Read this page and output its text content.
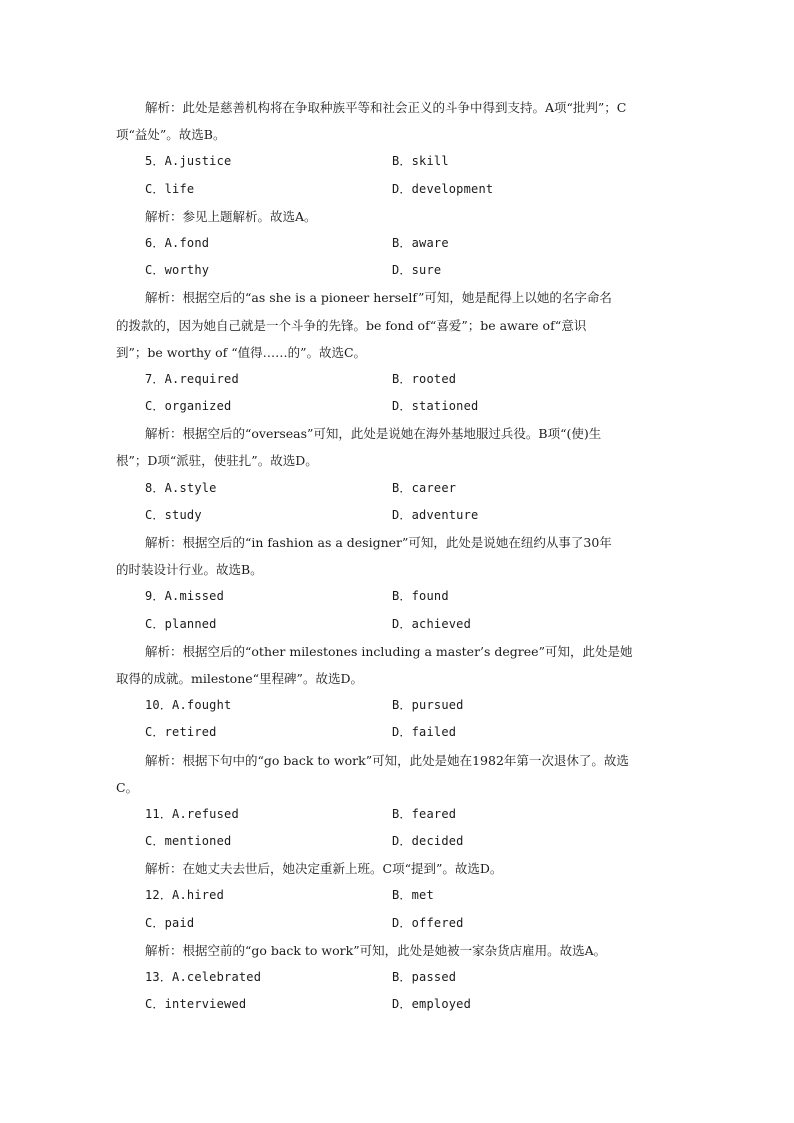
解析：此处是慈善机构将在争取种族平等和社会正义的斗争中得到支持。A项“批判”；C
项“益处”。故选B。
5．A.justice	B．skill
C．life	D．development
解析：参见上题解析。故选A。
6．A.fond	B．aware
C．worthy	D．sure
解析：根据空后的“as she is a pioneer herself”可知，她是配得上以她的名字命名
的拨款的，因为她自己就是一个斗争的先锋。be fond of“喜爱”；be aware of“意识
到”；be worthy of “值得……的”。故选C。
7．A.required	B．rooted
C．organized	D．stationed
解析：根据空后的“overseas”可知，此处是说她在海外基地服过兵役。B项“(使)生
根”；D项“派驻，使驻扎”。故选D。
8．A.style	B．career
C．study	D．adventure
解析：根据空后的“in fashion as a designer”可知，此处是说她在纽约从事了30年
的时装设计行业。故选B。
9．A.missed	B．found
C．planned	D．achieved
解析：根据空后的“other milestones including a master’s degree”可知，此处是她
取得的成就。milestone“里程碑”。故选D。
10．A.fought	B．pursued
C．retired	D．failed
解析：根据下句中的“go back to work”可知，此处是她在1982年第一次退休了。故选
C。
11．A.refused	B．feared
C．mentioned	D．decided
解析：在她丈夫去世后，她决定重新上班。C项“提到”。故选D。
12．A.hired	B．met
C．paid	D．offered
解析：根据空前的“go back to work”可知，此处是她被一家杂货店雇用。故选A。
13．A.celebrated	B．passed
C．interviewed	D．employed
